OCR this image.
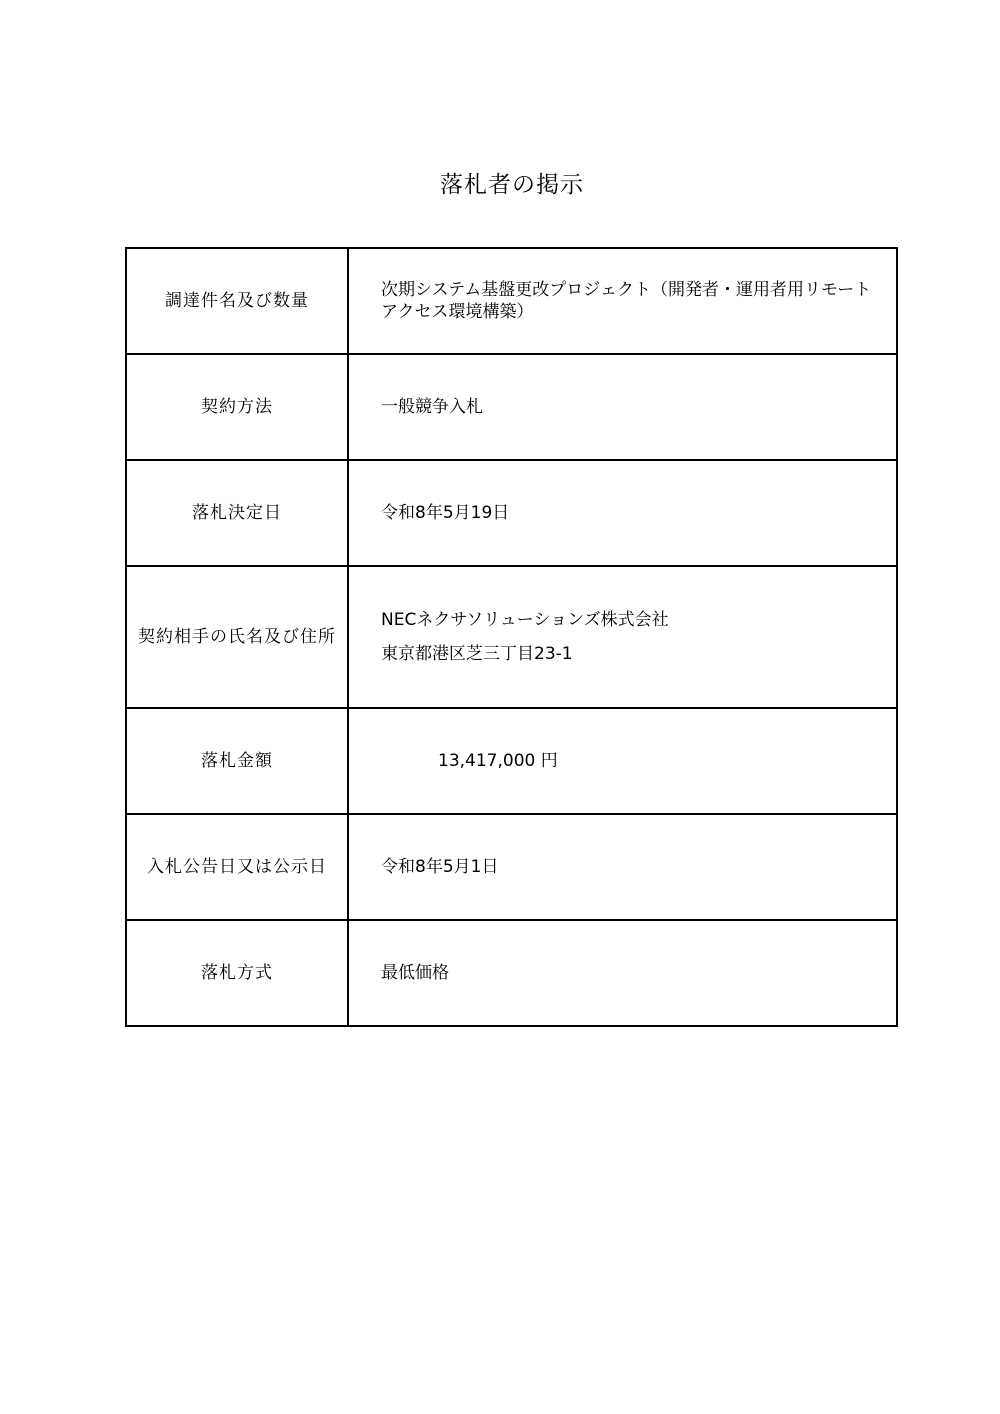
落札者の掲示
調達件名及び数量	次期システム基盤更改プロジェクト（開発者・運用者用リモート
アクセス環境構築）

契約方法	一般競争入札
落札決定日	令和8年5月19日
契約相手の氏名及び住所	NECネクサソリューションズ株式会社
東京都港区芝三丁目23-1

落札金額	13,417,000 円
入札公告日又は公示日	令和8年5月1日
落札方式	最低価格
